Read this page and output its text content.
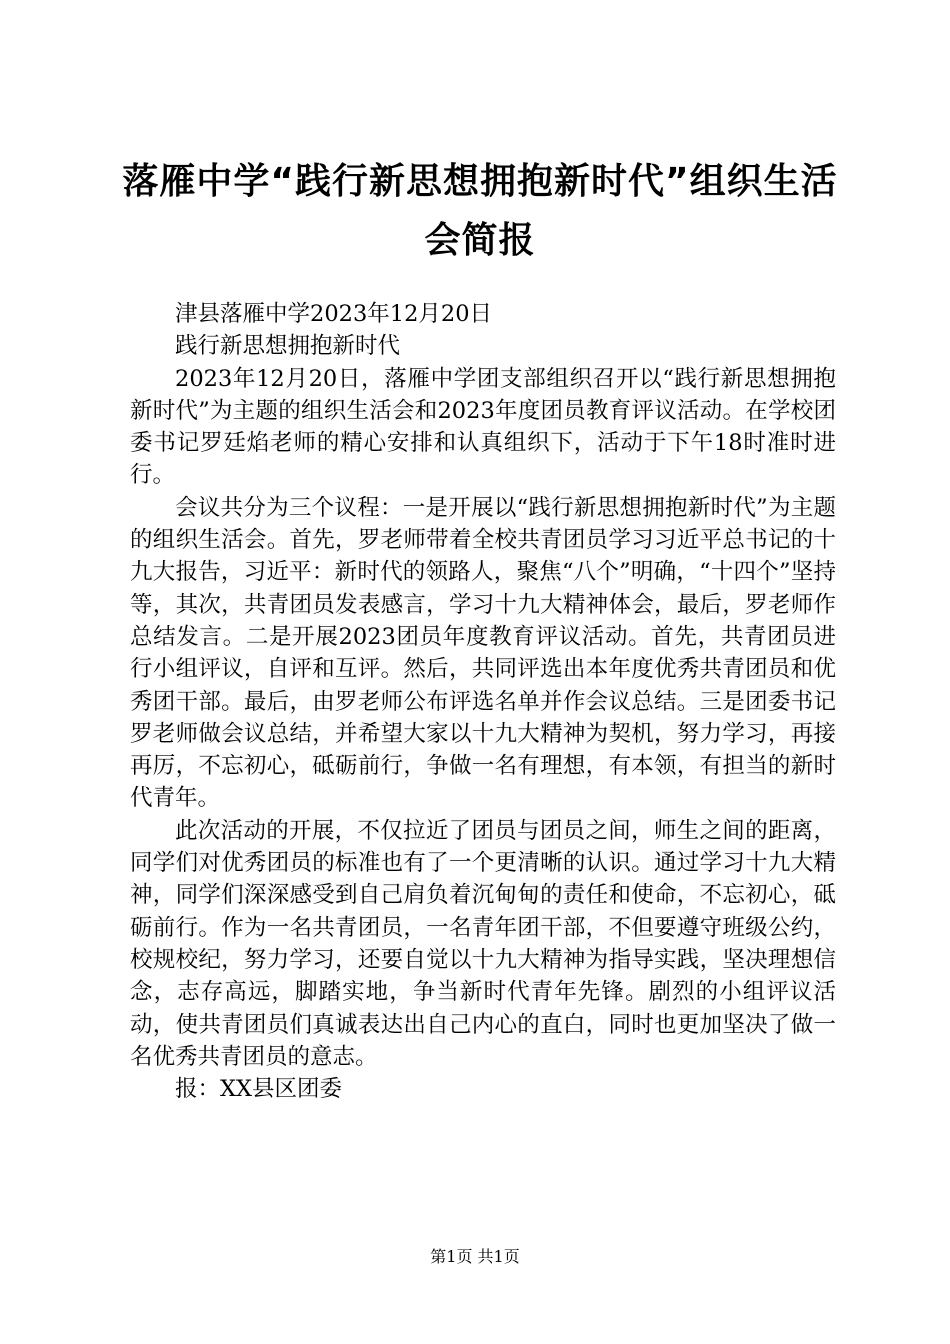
落雁中学“践行新思想拥抱新时代”组织生活
会简报

津县落雁中学2023年12月20日

践行新思想拥抱新时代

2023年12月20日，落雁中学团支部组织召开以“践行新思想拥抱新时代”为主题的组织生活会和2023年度团员教育评议活动。在学校团委书记罗廷焰老师的精心安排和认真组织下，活动于下午18时准时进行。

会议共分为三个议程：一是开展以“践行新思想拥抱新时代”为主题的组织生活会。首先，罗老师带着全校共青团员学习习近平总书记的十九大报告，习近平：新时代的领路人，聚焦“八个”明确，“十四个”坚持等，其次，共青团员发表感言，学习十九大精神体会，最后，罗老师作总结发言。二是开展2023团员年度教育评议活动。首先，共青团员进行小组评议，自评和互评。然后，共同评选出本年度优秀共青团员和优秀团干部。最后，由罗老师公布评选名单并作会议总结。三是团委书记罗老师做会议总结，并希望大家以十九大精神为契机，努力学习，再接再厉，不忘初心，砥砺前行，争做一名有理想，有本领，有担当的新时代青年。

此次活动的开展，不仅拉近了团员与团员之间，师生之间的距离，同学们对优秀团员的标准也有了一个更清晰的认识。通过学习十九大精神，同学们深深感受到自己肩负着沉甸甸的责任和使命，不忘初心，砥砺前行。作为一名共青团员，一名青年团干部，不但要遵守班级公约，校规校纪，努力学习，还要自觉以十九大精神为指导实践，坚决理想信念，志存高远，脚踏实地，争当新时代青年先锋。剧烈的小组评议活动，使共青团员们真诚表达出自己内心的直白，同时也更加坚决了做一名优秀共青团员的意志。

报：XX县区团委

第1页 共1页
